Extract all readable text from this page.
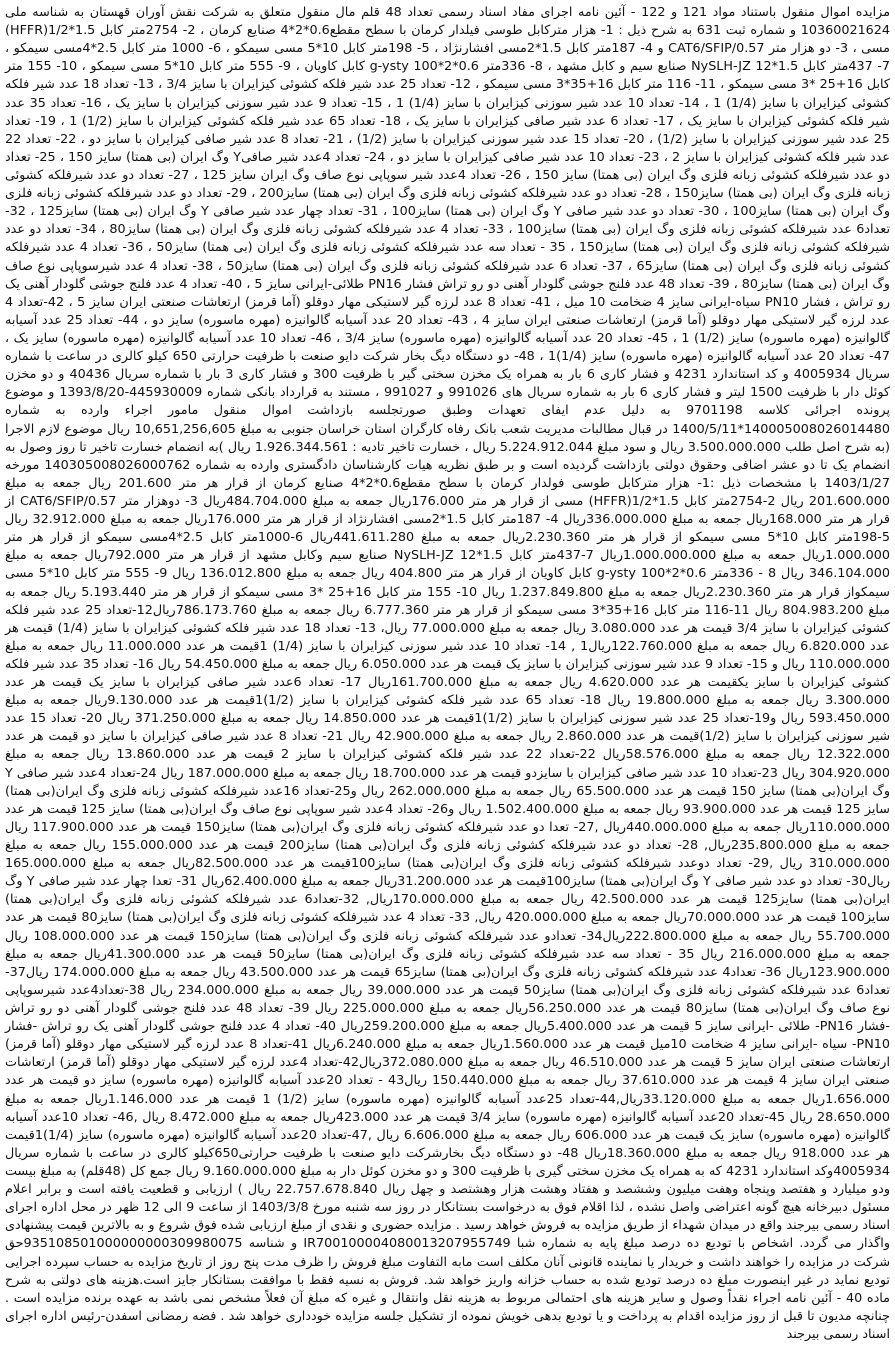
مزایده اموال منقول باستناد مواد 121 و 122 - آئین نامه اجرای مفاد اسناد رسمی تعداد 48 قلم مال منقول متعلق به شرکت نقش آوران قهستان به شناسه ملی 10360021624 و شماره ثبت 631 به شرح ذیل : 1- هزار مترکابل طوسی فیلدار کرمان با سطح مقطع0.6*2*4 صنایع کرمان ، 2- 2754متر کابل 1.5*1/2(HFFR) مسی ، 3- دو هزار متر CAT6/SFIP/0.57 و 4- 187متر کابل 1.5*2مسی افشارنژاد ، 5- 198متر کابل 10*5 مسی سیمکو ، 6- 1000 متر کابل 2.5*4مسی سیمکو ، 7- 437متر کابل 1.5*12 NySLH-JZ صنایع سیم و کابل مشهد ، 8- 336متر 0.6*2*100 g-ysty کابل کاویان ، 9- 555 متر کابل 10*5 مسی سیمکو ، 10- 155 متر کابل 16+25 *3 مسی سیمکو ، 11- 116 متر کابل 16+35*3 مسی سیمکو ، 12- تعداد 25 عدد شیر فلکه کشوئی کیزایران با سایز 3/4 ، 13- تعداد 18 عدد شیر فلکه کشوئی کیزایران با سایز (1/4) 1 ، 14- تعداد 10 عدد شیر سوزنی کیزایران با سایز (1/4) 1 ، 15- تعداد 9 عدد شیر سوزنی کیزایران با سایز یک ، 16- تعداد 35 عدد شیر فلکه کشوئی کیزایران با سایز یک ، 17- تعداد 6 عدد شیر صافی کیزایران با سایز یک ، 18- تعداد 65 عدد شیر فلکه کشوئی کیزایران با سایز (1/2) 1 ، 19- تعداد 25 عدد شیر سوزنی کیزایران با سایز (1/2) ، 20- تعداد 15 عدد شیر سوزنی کیزایران با سایز (1/2) ، 21- تعداد 8 عدد شیر صافی کیزایران با سایز دو ، 22- تعداد 22 عدد شیر فلکه کشوئی کیزایران با سایز 2 ، 23- تعداد 10 عدد شیر صافی کیزایران با سایز دو ، 24- تعداد 4عدد شیر صافیY وگ ایران (بی همتا) سایز 150 ، 25- تعداد دو عدد شیرفلکه کشوئی زبانه فلزی وگ ایران (بی همتا) سایز 150 ، 26- تعداد 4عدد شیر سوپاپی نوع صاف وگ ایران سایز 125 ، 27- تعداد دو عدد شیرفلکه کشوئی زبانه فلزی وگ ایران (بی همتا) سایز150 ، 28- تعداد دو عدد شیرفلکه کشوئی زبانه فلزی وگ ایران (بی همتا) سایز200 ، 29- تعداد دو عدد شیرفلکه کشوئی زبانه فلزی وگ ایران (بی همتا) سایز100 ، 30- تعداد دو عدد شیر صافی Y وگ ایران (بی همتا) سایز100 ، 31- تعداد چهار عدد شیر صافی Y وگ ایران (بی همتا) سایز125 ، 32- تعداد6 عدد شیرفلکه کشوئی زبانه فلزی وگ ایران (بی همتا) سایز100 ، 33- تعداد 4 عدد شیرفلکه کشوئی زبانه فلزی وگ ایران (بی همتا) سایز80 ، 34- تعداد دو عدد شیرفلکه کشوئی زبانه فلزی وگ ایران (بی همتا) سایز150 ، 35 - تعداد سه عدد شیرفلکه کشوئی زبانه فلزی وگ ایران (بی همتا) سایز50 ، 36- تعداد 4 عدد شیرفلکه کشوئی زبانه فلزی وگ ایران (بی همتا) سایز65 ، 37- تعداد 6 عدد شیرفلکه کشوئی زبانه فلزی وگ ایران (بی همتا) سایز50 ، 38- تعداد 4 عدد شیرسوپاپی نوع صاف وگ ایران (بی همتا) سایز80 ، 39- تعداد 48 عدد فلنج جوشی گلودار آهنی دو رو تراش فشار PN16 طلائی-ایرانی سایز 5 ، 40- تعداد 4 عدد فلنج جوشی گلودار آهنی یک رو تراش ، فشار PN10 سیاه-ایرانی سایز 4 ضخامت 10 میل ، 41- تعداد 8 عدد لرزه گیر لاستیکی مهار دوقلو (آما قرمز) ارتعاشات صنعتی ایران سایز 5 ، 42-تعداد 4 عدد لرزه گیر لاستیکی مهار دوقلو (آما قرمز) ارتعاشات صنعتی ایران سایز 4 ، 43- تعداد 20 عدد آسیابه گالوانیزه (مهره ماسوره) سایز دو ، 44- تعداد 25 عدد آسیابه گالوانیزه (مهره ماسوره) سایز (1/2) 1 ، 45- تعداد 20 عدد آسیابه گالوانیزه (مهره ماسوره) سایز 3/4 ، 46- تعداد 10 عدد آسیابه گالوانیزه (مهره ماسوره) سایز یک ، 47- تعداد 20 عدد آسیابه گالوانیزه (مهره ماسوره) سایز (1/4)1 ، 48- دو دستگاه دیگ بخار شرکت دایو صنعت با ظرفیت حرارتی 650 کیلو کالری در ساعت با شماره سریال 4005934 و کد استاندارد 4231 و فشار کاری 6 بار به همراه یک مخزن سختی گیر با ظرفیت 300 و فشار کاری 3 بار با شماره سریال 40436 و دو مخزن کوئل دار با ظرفیت 1500 لیتر و فشار کاری 6 بار به شماره سریال های 991026 و 991027 ، مستند به قرارداد بانکی شماره 445930009-1393/8/20 و موضوع پرونده اجرائی کلاسه 9701198 به دلیل عدم ایفای تعهدات وطبق صورتجلسه بازداشت اموال منقول مامور اجراء وارده به شماره 140005008026014480*1400/5/11 در قبال مطالبات مدیریت شعب بانک رفاه کارگران استان خراسان جنوبی به مبلغ 10,651,256,605 ریال موضوع لازم الاجرا (به شرح اصل طلب 3.500.000.000 ریال و سود مبلغ 5.224.912.044 ریال ، خسارت تاخیر تادیه : 1.926.344.561 ریال )به انضمام خسارت تاخیر تا روز وصول به انضمام یک تا دو عشر اضافی وحقوق دولتی بازداشت گردیده است و بر طبق نظریه هیات کارشناسان دادگستری وارده به شماره 140305008026000762 مورخه 1403/1/27 با مشخصات ذیل :1- هزار مترکابل طوسی فولدار کرمان با سطح مقطع0.6*2*4 صنایع کرمان از قرار هر متر 201.600 ریال جمعه به مبلغ 201.600.000 ریال 2-2754متر کابل 1.5*1/2(HFFR) مسی از قرار هر متر 176.000ریال جمعه به مبلغ 484.704.000ریال 3- دوهزار متر CAT6/SFIP/0.57 از قرار هر متر 168.000ریال جمعه به مبلغ 336.000.000ریال 4- 187متر کابل 1.5*2مسی افشارنژاد از قرار هر متر 176.000ریال جمعه به مبلغ 32.912.000 ریال 5-198متر کابل 10*5 مسی سیمکو از قرار هر متر 2.230.360ریال جمعه به مبلغ 441.611.280ریال 6-1000متر کابل 2.5*4مسی سیمکو از قرار هر متر 1.000.000ریال جمعه به مبلغ 1.000.000.000ریال 7-437متر کابل 1.5*12 NySLH-JZ صنایع سیم وکابل مشهد از قرار هر متر 792.000ریال جمعه به مبلغ 346.104.000 ریال 8 - 336متر 0.6*2*100 g-ysty کابل کاویان از قرار هر متر 404.800 ریال جمعه به مبلغ 136.012.800 ریال 9- 555 متر کابل 10*5 مسی سیمکواز قرار هر متر 2.230.360ریال جمعه به مبلغ 1.237.849.800 ریال 10- 155 متر کابل 16+25 *3 مسی سیمکو از قرار هر متر 5.193.440 ریال جمعه به مبلغ 804.983.200 ریال 11-116 متر کابل 16+35*3 مسی سیمکو از قرار هر متر 6.777.360 ریال جمعه به مبلغ 786.173.760ریال12-تعداد 25 عدد شیر فلکه کشوئی کیزایران با سایز 3/4 قیمت هر عدد 3.080.000 ریال جمعه به مبلغ 77.000.000 ریال، 13- تعداد 18 عدد شیر فلکه کشوئی کیزایران با سایز (1/4) قیمت هر عدد 6.820.000 ریال جمعه به مبلغ 122.760.000ریال1 , 14- تعداد 10 عدد شیر سوزنی کیزایران با سایز (1/4) 1قیمت هر عدد 11.000.000 ریال جمعه به مبلغ 110.000.000 ریال و 15- تعداد 9 عدد شیر سوزنی کیزایران با سایز یک قیمت هر عدد 6.050.000 ریال جمعه به مبلغ 54.450.000 ریال 16- تعداد 35 عدد شیر فلکه کشوئی کیزایران با سایز یکقیمت هر عدد 4.620.000 ریال جمعه به مبلغ 161.700.000ریال 17- تعداد 6عدد شیر صافی کیزایران با سایز یک قیمت هر عدد 3.300.000 ریال جمعه به مبلغ 19.800.000 ریال 18- تعداد 65 عدد شیر فلکه کشوئی کیزایران با سایز (1/2)1قیمت هر عدد 9.130.000ریال جمعه به مبلغ 593.450.000 ریال و19-تعداد 25 عدد شیر سوزنی کیزایران با سایز (1/2)1قیمت هر عدد 14.850.000 ریال جمعه به مبلغ 371.250.000 ریال 20- تعداد 15 عدد شیر سوزنی کیزایران با سایز (1/2)قیمت هر عدد 2.860.000 ریال جمعه به مبلغ 42.900.000 ریال 21- تعداد 8 عدد شیر صافی کیزایران با سایز دو قیمت هر عدد 12.322.000 ریال جمعه به مبلغ 58.576.000ریال 22-تعداد 22 عدد شیر فلکه کشوئی کیزایران با سایز 2 قیمت هر عدد 13.860.000 ریال جمعه به مبلغ 304.920.000 ریال 23-تعداد 10 عدد شیر صافی کیزایران با سایزدو قیمت هر عدد 18.700.000 ریال جمعه به مبلغ 187.000.000 ریال 24-تعداد 4عدد شیر صافی Y وگ ایران(بی همتا) سایز 150 قیمت هر عدد 65.500.000 ریال جمعه به مبلغ 262.000.000 ریال و25-تعداد 16عدد شیرفلکه کشوئی زبانه فلزی وگ ایران(بی همتا) سایز 125 قیمت هر عدد 93.900.000 ریال جمعه به مبلغ 1.502.400.000 ریال و26- تعداد 4عدد شیر سوپاپی نوع صاف وگ ایران(بی همتا) سایز 125 قیمت هر عدد 110.000.000ریال جمعه به مبلغ 440.000.000ریال ,27- تعدا دو عدد شیرفلکه کشوئی زبانه فلزی وگ ایران(بی همتا) سایز150 قیمت هر عدد 117.900.000 ریال جمعه به مبلغ 235.800.000ریال, 28- تعداد دو عدد شیرفلکه کشوئی زبانه فلزی وگ ایران(بی همتا) سایز200 قیمت هر عدد 155.000.000 ریال جمعه به مبلغ 310.000.000 ریال ,29- تعداد دوعدد شیرفلکه کشوئی زبانه فلزی وگ ایران(بی همتا) سایز100قیمت هر عدد 82.500.000ریال جمعه به مبلغ 165.000.000 ریال30- تعداد دو عدد شیر صافی Y وگ ایران(بی همتا) سایز100قیمت هر عدد 31.200.000ریال جمعه به مبلغ 62.400.000ریال 31- تعدا چهار عدد شیر صافی Y وگ ایران(بی همتا) سایز125 قیمت هر عدد 42.500.000 ریال جمعه به مبلغ 170.000.000ریال, 32-تعداد6 عدد شیرفلکه کشوئی زبانه فلزی وگ ایران(بی همتا) سایز100 قیمت هر عدد 70.000.000ریال جمعه به مبلغ 420.000.000 ریال, 33- تعداد 4 عدد شیرفلکه کشوئی زبانه فلزی وگ ایران(بی همتا) سایز80 قیمت هر عدد 55.700.000 ریال جمعه به مبلغ 222.800.000ریال34- تعدادو عدد شیرفلکه کشوئی زبانه فلزی وگ ایران(بی همتا) سایز150 قیمت هر عدد 108.000.000 ریال جمعه به مبلغ 216.000.000 ریال 35 - تعداد سه عدد شیرفلکه کشوئی زبانه فلزی وگ ایران(بی همتا) سایز50 قیمت هر عدد 41.300.000ریال جمعه به مبلغ 123.900.000ریال 36- تعداد4 عدد شیرفلکه کشوئی زبانه فلزی وگ ایران(بی همتا) سایز65 قیمت هر عدد 43.500.000 ریال جمعه به مبلغ 174.000.000 ریال37- تعداد6 عدد شیرفلکه کشوئی زبانه فلزی وگ ایران(بی همتا) سایز50 قیمت هر عدد 39.000.000 ریال جمعه به مبلغ 234.000.000 ریال 38-تعداد4عدد شیرسوپاپی نوع صاف وگ ایران(بی همتا) سایز80 قیمت هر عدد 56.250.000ریال جمعه به مبلغ 225.000.000 ریال 39- تعداد 48 عدد فلنج جوشی گلودار آهنی دو رو تراش -فشار PN16- طلائی -ایرانی سایز 5 قیمت هر عدد 5.400.000ریال جمعه به مبلغ 259.200.000ریال 40- تعداد 4 عدد فلنج جوشی گلودار آهنی یک رو تراش -فشار PN10- سیاه -ایرانی سایز 4 ضخامت 10میل قیمت هر عدد 1.560.000ریال جمعه به مبلغ 6.240.000ریال 41-تعداد 8 عدد لرزه گیر لاستیکی مهار دوقلو (آما قرمز) ارتعاشات صنعتی ایران سایز 5 قیمت هر عدد 46.510.000 ریال جمعه به مبلغ 372.080.000ریال42-تعداد 4عدد لرزه گیر لاستیکی مهار دوقلو (آما قرمز) ارتعاشات صنعتی ایران سایز 4 قیمت هر عدد 37.610.000 ریال جمعه به مبلغ 150.440.000 ریال43 - تعداد 20عدد آسیابه گالوانیزه (مهره ماسوره) سایز دو قیمت هر عدد 1.656.000ریال جمعه به مبلغ 33.120.000ریال,44-تعداد 25عدد آسیابه گالوانیزه (مهره ماسوره) سایز (1/2) 1 قیمت هر عدد 1.146.000ریال جمعه به مبلغ 28.650.000 ریال 45-تعداد 20عدد آسیابه گالوانیزه (مهره ماسوره) سایز 3/4 قیمت هر عدد 423.000ریال جمعه به مبلغ 8.472.000 ریال ,46- تعداد 10عدد آسیابه گالوانیزه (مهره ماسوره) سایز یک قیمت هر عدد 606.000 ریال جمعه به مبلغ 6.606.000 ریال ,47-تعداد 20عدد آسیابه گالوانیزه (مهره ماسوره) سایز (1/4)1قیمت هر عدد 918.000 ریال جمعه به مبلغ 18.360.000ریال 48- دو دستگاه دیگ بخارشرکت دایو صنعت با ظرفیت حرارتی650کیلو کالری در ساعت با شماره سریال 4005934وکد استاندارد 4231 که به همراه یک مخزن سختی گیری با ظرفیت 300 و دو مخزن کوئل دار به مبلغ 9.160.000.000 ریال جمع کل (48قلم) به مبلغ بیست ودو میلیارد و هفتصد وپنجاه وهفت میلیون وششصد و هفتاد وهشت هزار وهشتصد و چهل ریال 22.757.678.840 ریال ) ارزیابی و قطعیت یافته است و برابر اعلام مسئول دبیرخانه هیچ گونه اعتراضی واصل نشده ، لذا اقلام فوق به درخواست بستانکار در روز سه شنبه مورخ 1403/3/8 از ساعت 9 الی 12 ظهر در محل اداره اجرای اسناد رسمی بیرجند واقع در میدان شهداء از طریق مزایده به فروش خواهد رسید . مزایده حضوری و نقدی از مبلغ ارزیابی شده فوق شروع و به بالاترین قیمت پیشنهادی واگذار می گردد. اشخاص با تودیع ده درصد مبلغ پایه به شماره شبا IR700100004080013207955749 و شناسه 935108501000000000309980075حق شرکت در مزایده را خواهند داشت و خریدار یا نماینده قانونی آنان مکلف است مابه التفاوت مبلغ فروش را ظرف مدت پنج روز از تاریخ مزایده به حساب سپرده اجرایی تودیع نماید در غیر اینصورت مبلغ ده درصد تودیع شده به حساب خزانه واریز خواهد شد. فروش به نسیه فقط با موافقت بستانکار جایز است.هزینه های دولتی به شرح ماده 40 - آئین نامه اجراء نقداً وصول و سایر هزینه های احتمالی مربوط به هزینه نقل وانتقال و غیره که مبلغ آن فعلاً مشخص نمی باشد به عهده برنده مزایده است . چنانچه مدیون تا قبل از روز مزایده اقدام به پرداخت و یا تودیع بدهی خویش نموده از تشکیل جلسه مزایده خودداری خواهد شد . فضه رمضانی اسفدن-رئیس اداره اجرای اسناد رسمی بیرجند
